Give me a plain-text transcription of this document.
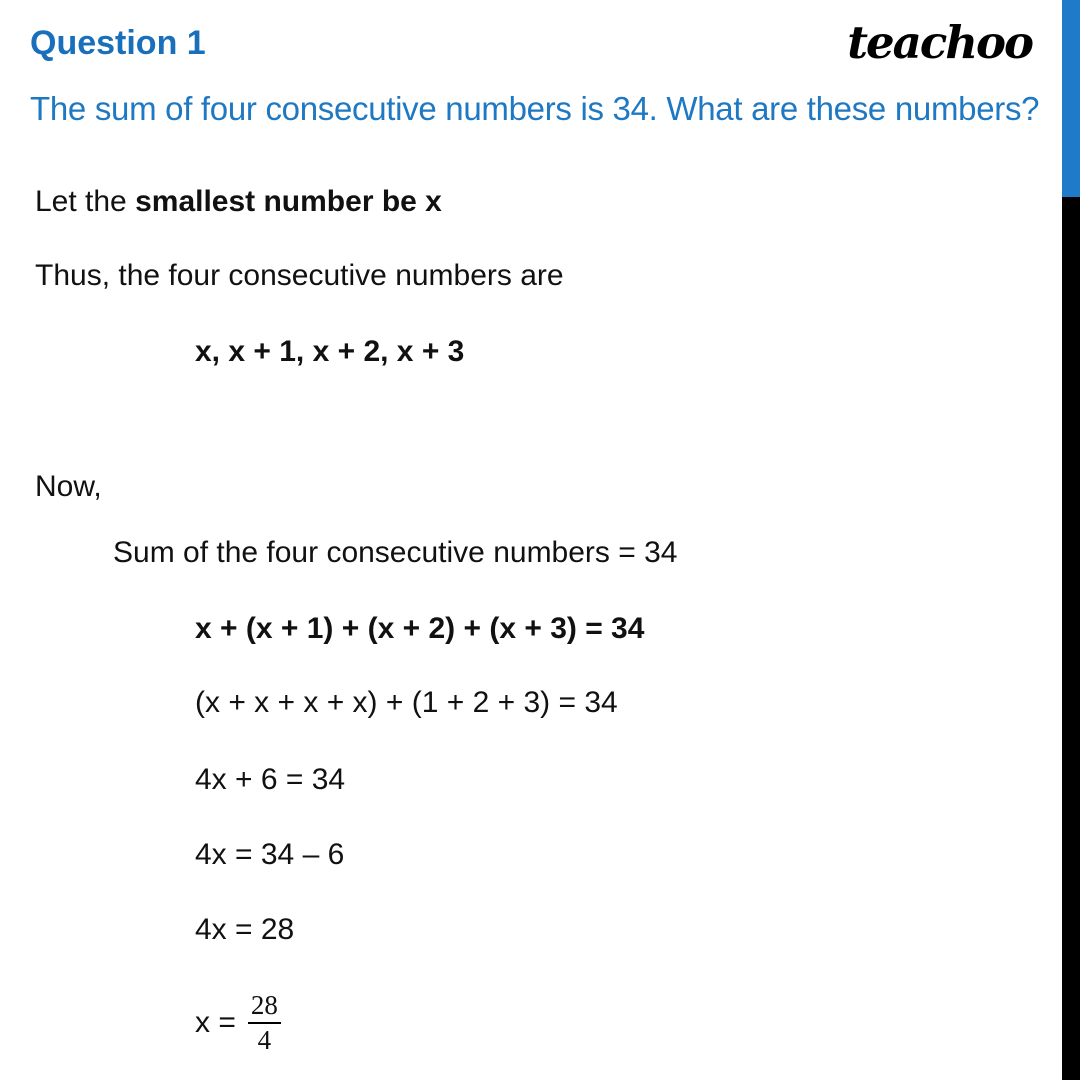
Question 1	teachoo
The sum of four consecutive numbers is 34. What are these numbers?
Let the smallest number be x
Thus, the four consecutive numbers are
x, x + 1, x + 2, x + 3
Now,
Sum of the four consecutive numbers = 34
x + (x + 1) + (x + 2) + (x + 3) = 34
(x + x + x + x) + (1 + 2 + 3) = 34
4x + 6 = 34
4x = 34 – 6
4x = 28
$x = \frac{28}{4}$
